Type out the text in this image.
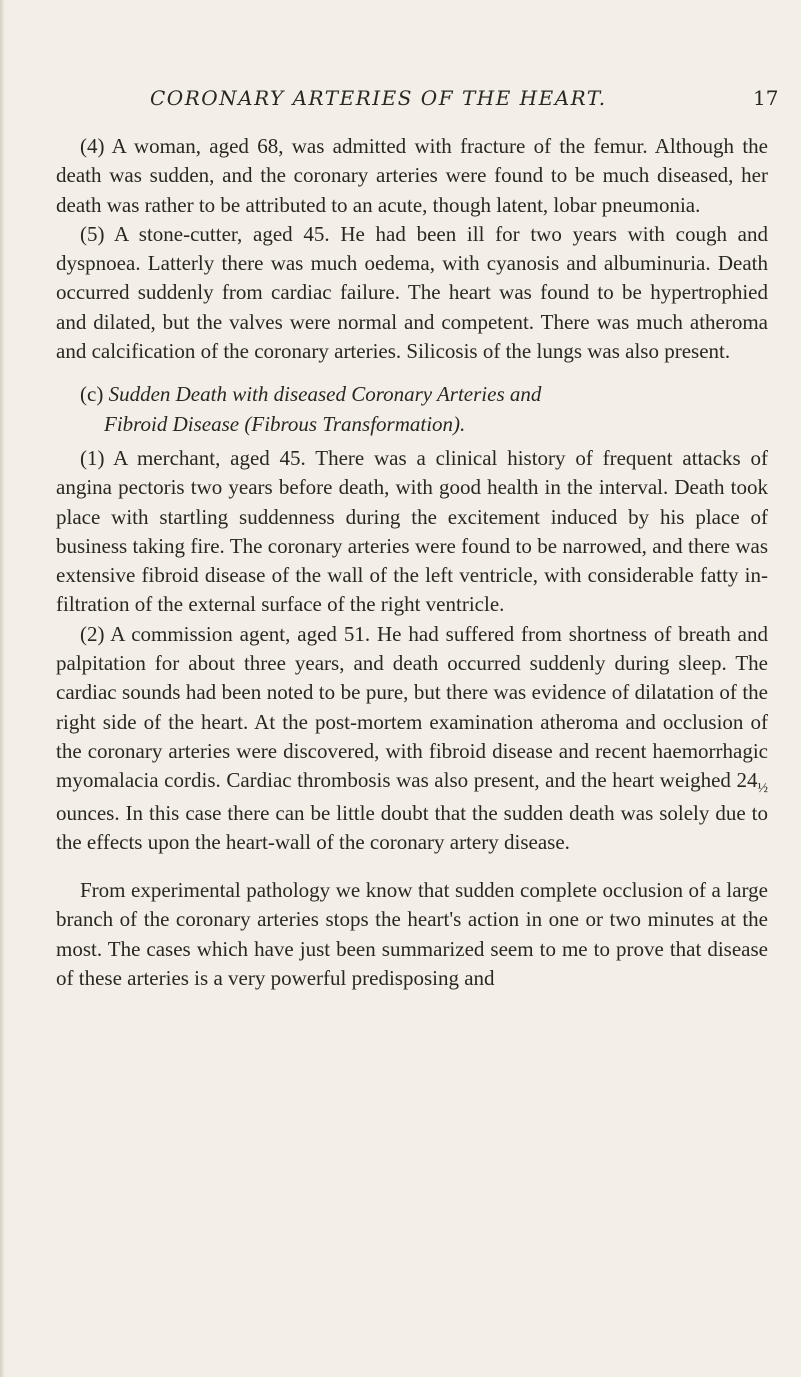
CORONARY ARTERIES OF THE HEART.	17

(4) A woman, aged 68, was admitted with fracture of the femur. Although the death was sudden, and the coronary arteries were found to be much diseased, her death was rather to be attributed to an acute, though latent, lobar pneumonia.

(5) A stone-cutter, aged 45. He had been ill for two years with cough and dyspnoea. Latterly there was much oedema, with cyanosis and albuminuria. Death occurred suddenly from cardiac failure. The heart was found to be hypertrophied and dilated, but the valves were normal and competent. There was much atheroma and calcification of the coronary arteries. Silicosis of the lungs was also present.

(c) Sudden Death with diseased Coronary Arteries and
Fibroid Disease (Fibrous Transformation).

(1) A merchant, aged 45. There was a clinical history of frequent attacks of angina pectoris two years before death, with good health in the interval. Death took place with startling suddenness during the excitement induced by his place of business taking fire. The coronary arteries were found to be narrowed, and there was extensive fibroid disease of the wall of the left ventricle, with considerable fatty in-filtration of the external surface of the right ventricle.

(2) A commission agent, aged 51. He had suffered from shortness of breath and palpitation for about three years, and death occurred suddenly during sleep. The cardiac sounds had been noted to be pure, but there was evidence of dilatation of the right side of the heart. At the post-mortem examination atheroma and occlusion of the coronary arteries were discovered, with fibroid disease and recent haemorrhagic myomalacia cordis. Cardiac thrombosis was also present, and the heart weighed $24_{\frac{1}{2}}$ ounces. In this case there can be little doubt that the sudden death was solely due to the effects upon the heart-wall of the coronary artery disease.

From experimental pathology we know that sudden complete occlusion of a large branch of the coronary arteries stops the heart's action in one or two minutes at the most. The cases which have just been summarized seem to me to prove that disease of these arteries is a very powerful predisposing and
